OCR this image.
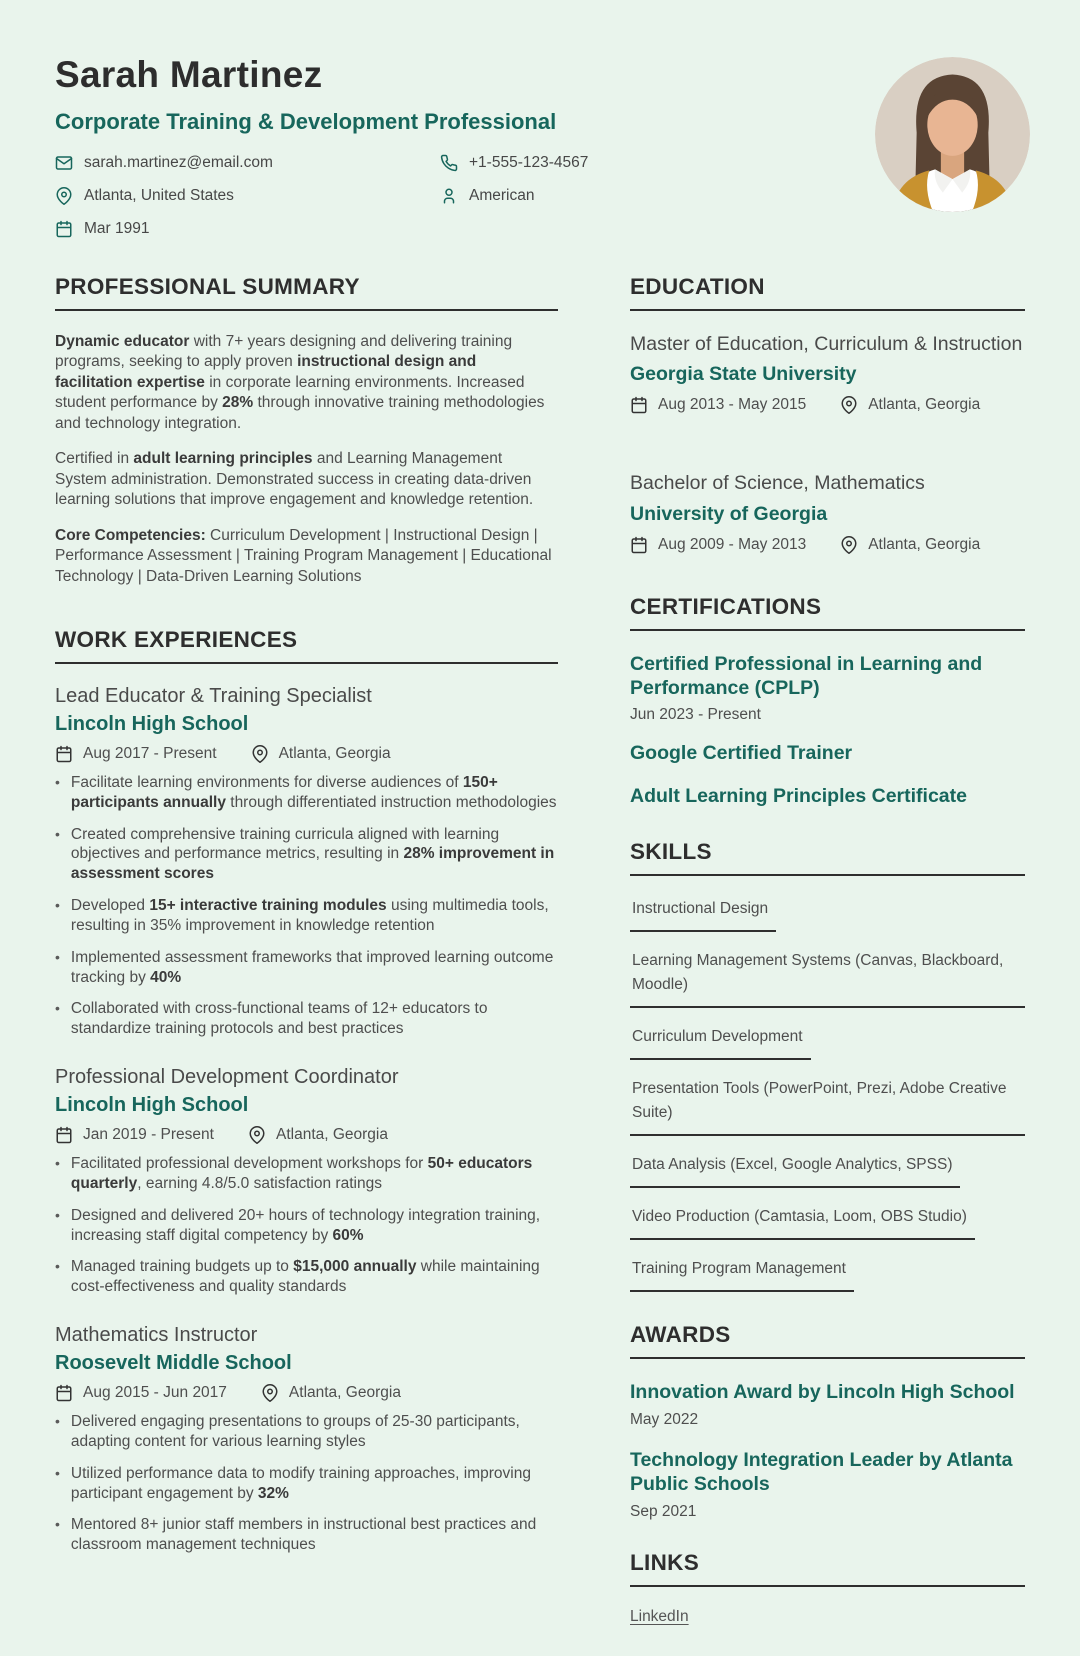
Sarah Martinez
Corporate Training & Development Professional
sarah.martinez@email.com	+1-555-123-4567
Atlanta, United States	American
Mar 1991
PROFESSIONAL SUMMARY

Dynamic educator with 7+ years designing and delivering training programs, seeking to apply proven instructional design and facilitation expertise in corporate learning environments. Increased student performance by 28% through innovative training methodologies and technology integration.

Certified in adult learning principles and Learning Management System administration. Demonstrated success in creating data-driven learning solutions that improve engagement and knowledge retention.

Core Competencies: Curriculum Development | Instructional Design | Performance Assessment | Training Program Management | Educational Technology | Data-Driven Learning Solutions

WORK EXPERIENCES
Lead Educator & Training Specialist
Lincoln High School
Aug 2017 - Present	Atlanta, Georgia
• Facilitate learning environments for diverse audiences of 150+ participants annually through differentiated instruction methodologies
• Created comprehensive training curricula aligned with learning objectives and performance metrics, resulting in 28% improvement in assessment scores
• Developed 15+ interactive training modules using multimedia tools, resulting in 35% improvement in knowledge retention
• Implemented assessment frameworks that improved learning outcome tracking by 40%
• Collaborated with cross-functional teams of 12+ educators to standardize training protocols and best practices
Professional Development Coordinator
Lincoln High School
Jan 2019 - Present	Atlanta, Georgia
• Facilitated professional development workshops for 50+ educators quarterly, earning 4.8/5.0 satisfaction ratings
• Designed and delivered 20+ hours of technology integration training, increasing staff digital competency by 60%
• Managed training budgets up to $15,000 annually while maintaining cost-effectiveness and quality standards
Mathematics Instructor
Roosevelt Middle School
Aug 2015 - Jun 2017	Atlanta, Georgia
• Delivered engaging presentations to groups of 25-30 participants, adapting content for various learning styles
• Utilized performance data to modify training approaches, improving participant engagement by 32%
• Mentored 8+ junior staff members in instructional best practices and classroom management techniques
EDUCATION
Master of Education, Curriculum & Instruction
Georgia State University
Aug 2013 - May 2015	Atlanta, Georgia
Bachelor of Science, Mathematics
University of Georgia
Aug 2009 - May 2013	Atlanta, Georgia
CERTIFICATIONS
Certified Professional in Learning and Performance (CPLP)
Jun 2023 - Present
Google Certified Trainer
Adult Learning Principles Certificate
SKILLS
Instructional Design
Learning Management Systems (Canvas, Blackboard, Moodle)
Curriculum Development
Presentation Tools (PowerPoint, Prezi, Adobe Creative Suite)
Data Analysis (Excel, Google Analytics, SPSS)
Video Production (Camtasia, Loom, OBS Studio)
Training Program Management
AWARDS
Innovation Award by Lincoln High School
May 2022
Technology Integration Leader by Atlanta Public Schools
Sep 2021
LINKS
LinkedIn
